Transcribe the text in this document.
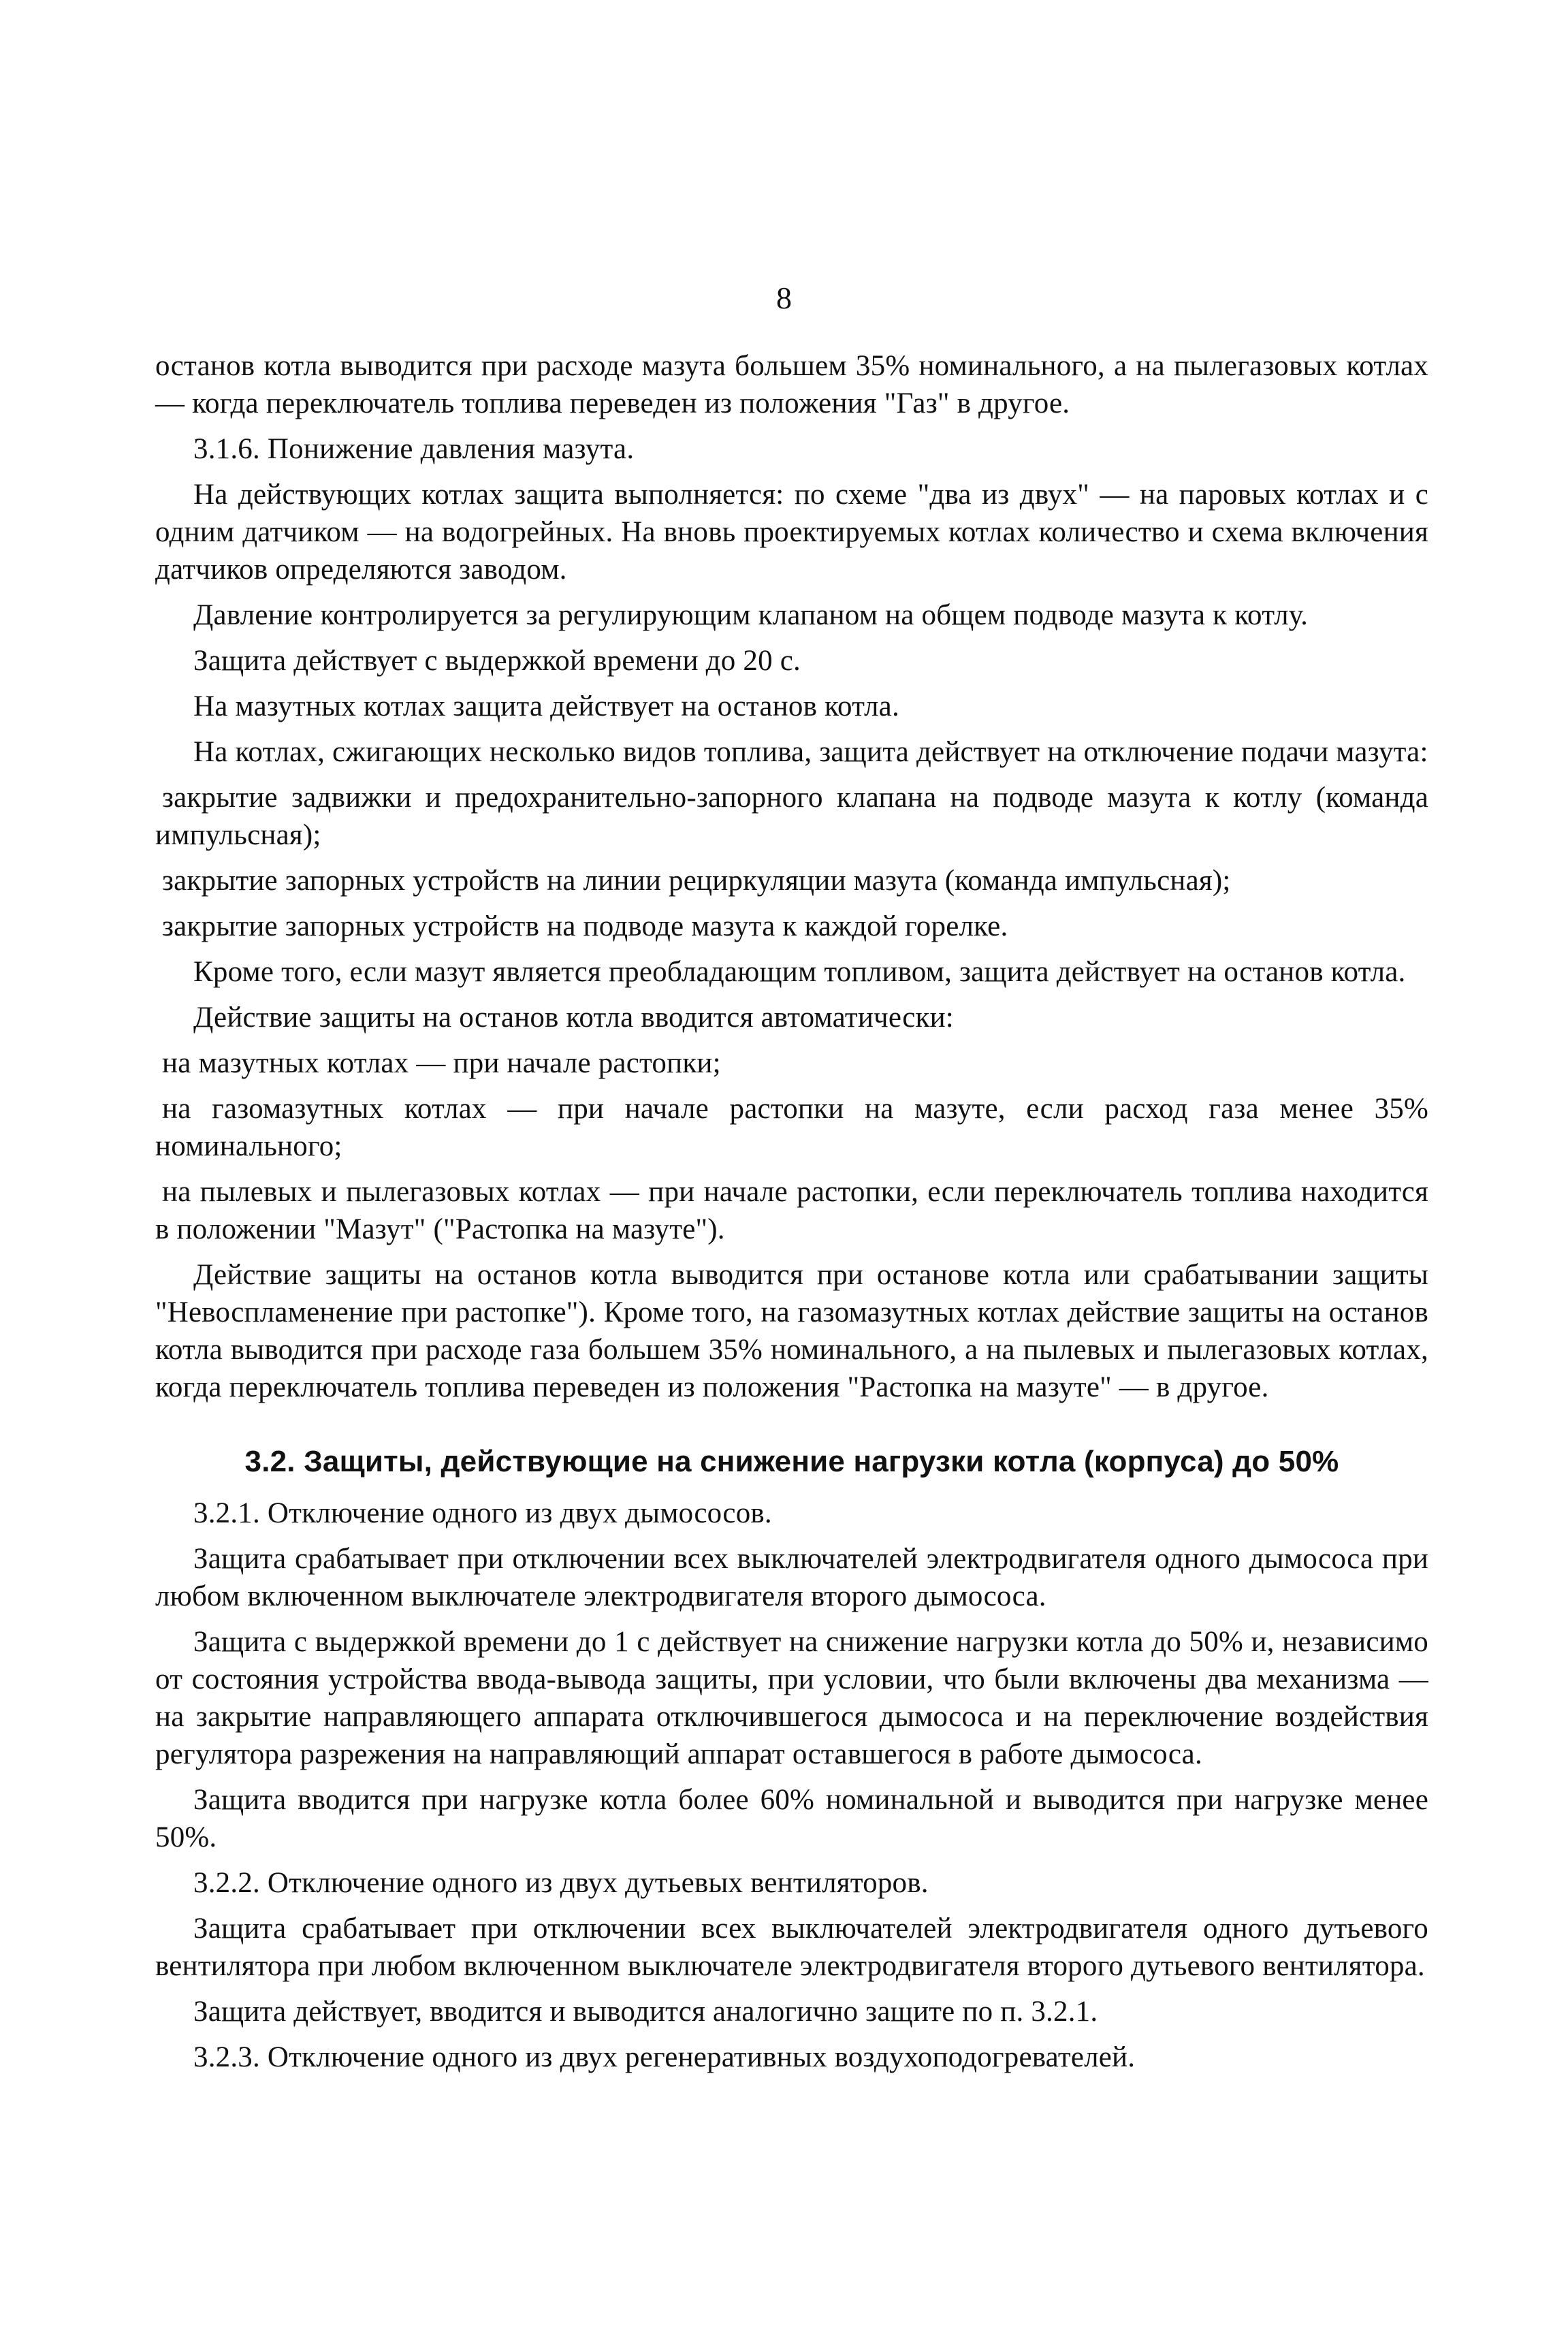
8

останов котла выводится при расходе мазута большем 35% номинального, а на пылегазовых котлах — когда переключатель топлива переведен из положения "Газ" в другое.

3.1.6. Понижение давления мазута.

На действующих котлах защита выполняется: по схеме "два из двух" — на паровых котлах и с одним датчиком — на водогрейных. На вновь проектируемых котлах количество и схема включения датчиков определяются заводом.

Давление контролируется за регулирующим клапаном на общем подводе мазута к котлу.

Защита действует с выдержкой времени до 20 с.

На мазутных котлах защита действует на останов котла.

На котлах, сжигающих несколько видов топлива, защита действует на отключение подачи мазута:

закрытие задвижки и предохранительно-запорного клапана на подводе мазута к котлу (команда импульсная);

закрытие запорных устройств на линии рециркуляции мазута (команда импульсная);

закрытие запорных устройств на подводе мазута к каждой горелке.

Кроме того, если мазут является преобладающим топливом, защита действует на останов котла.

Действие защиты на останов котла вводится автоматически:

на мазутных котлах — при начале растопки;

на газомазутных котлах — при начале растопки на мазуте, если расход газа менее 35% номинального;

на пылевых и пылегазовых котлах — при начале растопки, если переключатель топлива находится в положении "Мазут" ("Растопка на мазуте").

Действие защиты на останов котла выводится при останове котла или срабатывании защиты "Невоспламенение при растопке"). Кроме того, на газомазутных котлах действие защиты на останов котла выводится при расходе газа большем 35% номинального, а на пылевых и пылегазовых котлах, когда переключатель топлива переведен из положения "Растопка на мазуте" — в другое.

3.2. Защиты, действующие на снижение нагрузки котла (корпуса) до 50%

3.2.1. Отключение одного из двух дымососов.

Защита срабатывает при отключении всех выключателей электродвигателя одного дымососа при любом включенном выключателе электродвигателя второго дымососа.

Защита с выдержкой времени до 1 с действует на снижение нагрузки котла до 50% и, независимо от состояния устройства ввода-вывода защиты, при условии, что были включены два механизма — на закрытие направляющего аппарата отключившегося дымососа и на переключение воздействия регулятора разрежения на направляющий аппарат оставшегося в работе дымососа.

Защита вводится при нагрузке котла более 60% номинальной и выводится при нагрузке менее 50%.

3.2.2. Отключение одного из двух дутьевых вентиляторов.

Защита срабатывает при отключении всех выключателей электродвигателя одного дутьевого вентилятора при любом включенном выключателе электродвигателя второго дутьевого вентилятора.

Защита действует, вводится и выводится аналогично защите по п. 3.2.1.

3.2.3. Отключение одного из двух регенеративных воздухоподогревателей.
